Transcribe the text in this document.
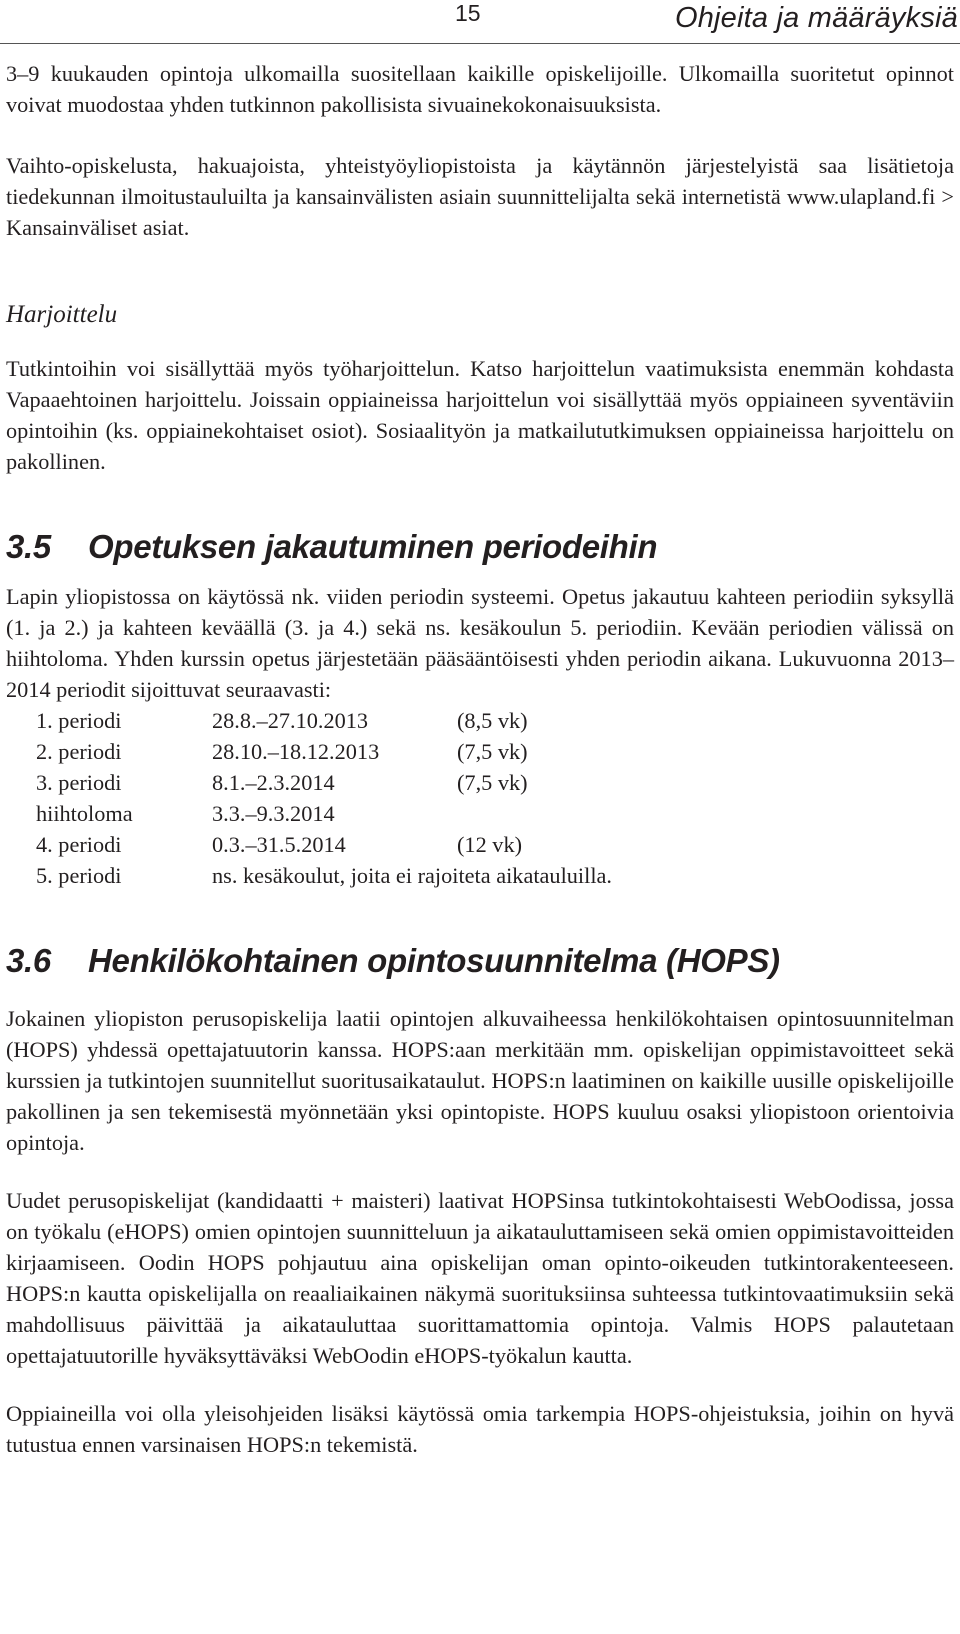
15	Ohjeita ja määräyksiä

3–9 kuukauden opintoja ulkomailla suositellaan kaikille opiskelijoille. Ulkomailla suoritetut opinnot voivat muodostaa yhden tutkinnon pakollisista sivuainekokonaisuuksista.

Vaihto-opiskelusta, hakuajoista, yhteistyöyliopistoista ja käytännön järjestelyistä saa lisätietoja tiedekunnan ilmoitustauluilta ja kansainvälisten asiain suunnittelijalta sekä internetistä www.ulapland.fi > Kansainväliset asiat.

Harjoittelu

Tutkintoihin voi sisällyttää myös työharjoittelun. Katso harjoittelun vaatimuksista enemmän kohdasta Vapaaehtoinen harjoittelu. Joissain oppiaineissa harjoittelun voi sisällyttää myös oppiaineen syventäviin opintoihin (ks. oppiainekohtaiset osiot). Sosiaalityön ja matkailututkimuksen oppiaineissa harjoittelu on pakollinen.

3.5 Opetuksen jakautuminen periodeihin

Lapin yliopistossa on käytössä nk. viiden periodin systeemi. Opetus jakautuu kahteen periodiin syksyllä (1. ja 2.) ja kahteen keväällä (3. ja 4.) sekä ns. kesäkoulun 5. periodiin. Kevään periodien välissä on hiihtoloma. Yhden kurssin opetus järjestetään pääsääntöisesti yhden periodin aikana. Lukuvuonna 2013–2014 periodit sijoittuvat seuraavasti:

1. periodi	28.8.–27.10.2013	(8,5 vk)
2. periodi	28.10.–18.12.2013	(7,5 vk)
3. periodi	8.1.–2.3.2014	(7,5 vk)
hiihtoloma	3.3.–9.3.2014	
4. periodi	0.3.–31.5.2014	(12 vk)
5. periodi	ns. kesäkoulut, joita ei rajoiteta aikatauluilla.	
3.6 Henkilökohtainen opintosuunnitelma (HOPS)

Jokainen yliopiston perusopiskelija laatii opintojen alkuvaiheessa henkilökohtaisen opintosuunnitelman (HOPS) yhdessä opettajatuutorin kanssa. HOPS:aan merkitään mm. opiskelijan oppimistavoitteet sekä kurssien ja tutkintojen suunnitellut suoritusaikataulut. HOPS:n laatiminen on kaikille uusille opiskelijoille pakollinen ja sen tekemisestä myönnetään yksi opintopiste. HOPS kuuluu osaksi yliopistoon orientoivia opintoja.

Uudet perusopiskelijat (kandidaatti + maisteri) laativat HOPSinsa tutkintokohtaisesti WebOodissa, jossa on työkalu (eHOPS) omien opintojen suunnitteluun ja aikatauluttamiseen sekä omien oppimistavoitteiden kirjaamiseen. Oodin HOPS pohjautuu aina opiskelijan oman opinto-oikeuden tutkintorakenteeseen. HOPS:n kautta opiskelijalla on reaaliaikainen näkymä suorituksiinsa suhteessa tutkintovaatimuksiin sekä mahdollisuus päivittää ja aikatauluttaa suorittamattomia opintoja. Valmis HOPS palautetaan opettajatuutorille hyväksyttäväksi WebOodin eHOPS-työkalun kautta.

Oppiaineilla voi olla yleisohjeiden lisäksi käytössä omia tarkempia HOPS-ohjeistuksia, joihin on hyvä tutustua ennen varsinaisen HOPS:n tekemistä.
